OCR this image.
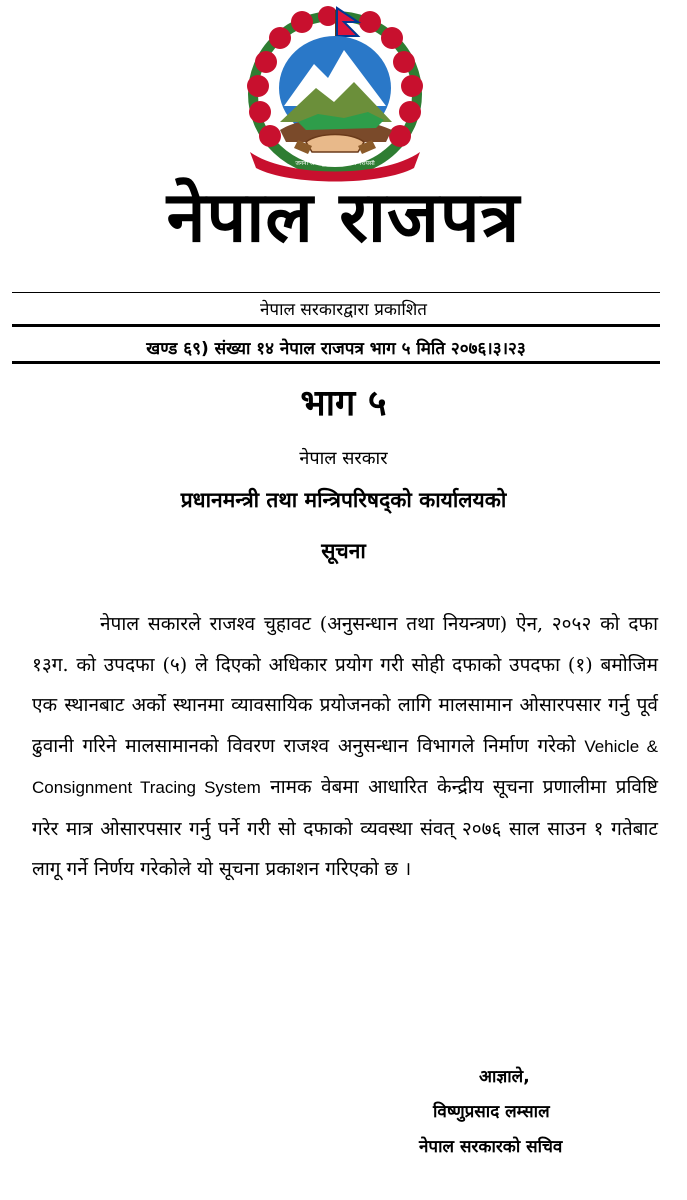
जननी जन्मभूमिश्च स्वर्गादपि गरीयसी
नेपाल राजपत्र
नेपाल सरकारद्वारा प्रकाशित
खण्ड ६९) संख्या १४ नेपाल राजपत्र भाग ५ मिति २०७६।३।२३
भाग ५
नेपाल सरकार
प्रधानमन्त्री तथा मन्त्रिपरिषद्को कार्यालयको
सूचना
नेपाल सकारले राजश्व चुहावट (अनुसन्धान तथा नियन्त्रण) ऐन, २०५२ को दफा १३ग. को उपदफा (५) ले दिएको अधिकार प्रयोग गरी सोही दफाको उपदफा (१) बमोजिम एक स्थानबाट अर्को स्थानमा व्यावसायिक प्रयोजनको लागि मालसामान ओसारपसार गर्नु पूर्व ढुवानी गरिने मालसामानको विवरण राजश्व अनुसन्धान विभागले निर्माण गरेको Vehicle & Consignment Tracing System नामक वेबमा आधारित केन्द्रीय सूचना प्रणालीमा प्रविष्टि गरेर मात्र ओसारपसार गर्नु पर्ने गरी सो दफाको व्यवस्था संवत् २०७६ साल साउन १ गतेबाट लागू गर्ने निर्णय गरेकोले यो सूचना प्रकाशन गरिएको छ ।
आज्ञाले,
विष्णुप्रसाद लम्साल
नेपाल सरकारको सचिव
